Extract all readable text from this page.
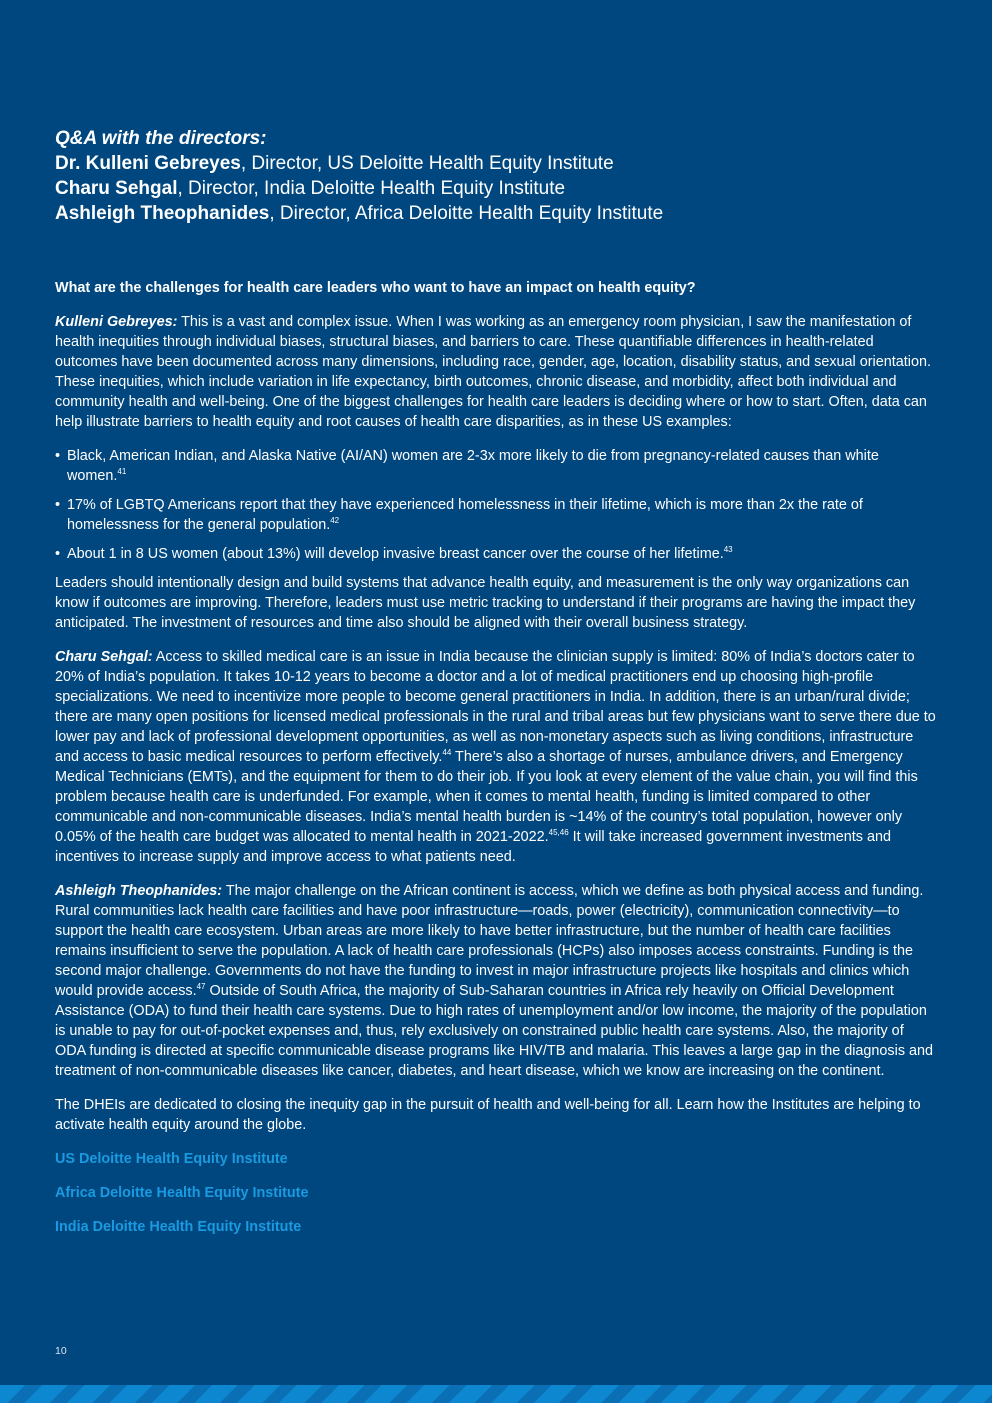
Q&A with the directors:

Dr. Kulleni Gebreyes, Director, US Deloitte Health Equity Institute

Charu Sehgal, Director, India Deloitte Health Equity Institute

Ashleigh Theophanides, Director, Africa Deloitte Health Equity Institute

What are the challenges for health care leaders who want to have an impact on health equity?

Kulleni Gebreyes: This is a vast and complex issue. When I was working as an emergency room physician, I saw the manifestation of health inequities through individual biases, structural biases, and barriers to care. These quantifiable differences in health-related outcomes have been documented across many dimensions, including race, gender, age, location, disability status, and sexual orientation. These inequities, which include variation in life expectancy, birth outcomes, chronic disease, and morbidity, affect both individual and community health and well-being. One of the biggest challenges for health care leaders is deciding where or how to start. Often, data can help illustrate barriers to health equity and root causes of health care disparities, as in these US examples:

• Black, American Indian, and Alaska Native (AI/AN) women are 2-3x more likely to die from pregnancy-related causes than white women.$^{41}$
• 17% of LGBTQ Americans report that they have experienced homelessness in their lifetime, which is more than 2x the rate of homelessness for the general population.$^{42}$
• About 1 in 8 US women (about 13%) will develop invasive breast cancer over the course of her lifetime.$^{43}$

Leaders should intentionally design and build systems that advance health equity, and measurement is the only way organizations can know if outcomes are improving. Therefore, leaders must use metric tracking to understand if their programs are having the impact they anticipated. The investment of resources and time also should be aligned with their overall business strategy.

Charu Sehgal: Access to skilled medical care is an issue in India because the clinician supply is limited: 80% of India’s doctors cater to 20% of India’s population. It takes 10-12 years to become a doctor and a lot of medical practitioners end up choosing high-profile specializations. We need to incentivize more people to become general practitioners in India. In addition, there is an urban/rural divide; there are many open positions for licensed medical professionals in the rural and tribal areas but few physicians want to serve there due to lower pay and lack of professional development opportunities, as well as non-monetary aspects such as living conditions, infrastructure and access to basic medical resources to perform effectively.$^{44}$ There’s also a shortage of nurses, ambulance drivers, and Emergency Medical Technicians (EMTs), and the equipment for them to do their job. If you look at every element of the value chain, you will find this problem because health care is underfunded. For example, when it comes to mental health, funding is limited compared to other communicable and non-communicable diseases. India’s mental health burden is ~14% of the country’s total population, however only 0.05% of the health care budget was allocated to mental health in 2021-2022.$^{45,46}$ It will take increased government investments and incentives to increase supply and improve access to what patients need.

Ashleigh Theophanides: The major challenge on the African continent is access, which we define as both physical access and funding. Rural communities lack health care facilities and have poor infrastructure—roads, power (electricity), communication connectivity—to support the health care ecosystem. Urban areas are more likely to have better infrastructure, but the number of health care facilities remains insufficient to serve the population. A lack of health care professionals (HCPs) also imposes access constraints. Funding is the second major challenge. Governments do not have the funding to invest in major infrastructure projects like hospitals and clinics which would provide access.$^{47}$ Outside of South Africa, the majority of Sub-Saharan countries in Africa rely heavily on Official Development Assistance (ODA) to fund their health care systems. Due to high rates of unemployment and/or low income, the majority of the population is unable to pay for out-of-pocket expenses and, thus, rely exclusively on constrained public health care systems. Also, the majority of ODA funding is directed at specific communicable disease programs like HIV/TB and malaria. This leaves a large gap in the diagnosis and treatment of non-communicable diseases like cancer, diabetes, and heart disease, which we know are increasing on the continent.

The DHEIs are dedicated to closing the inequity gap in the pursuit of health and well-being for all. Learn how the Institutes are helping to activate health equity around the globe.

US Deloitte Health Equity Institute
Africa Deloitte Health Equity Institute
India Deloitte Health Equity Institute
10
